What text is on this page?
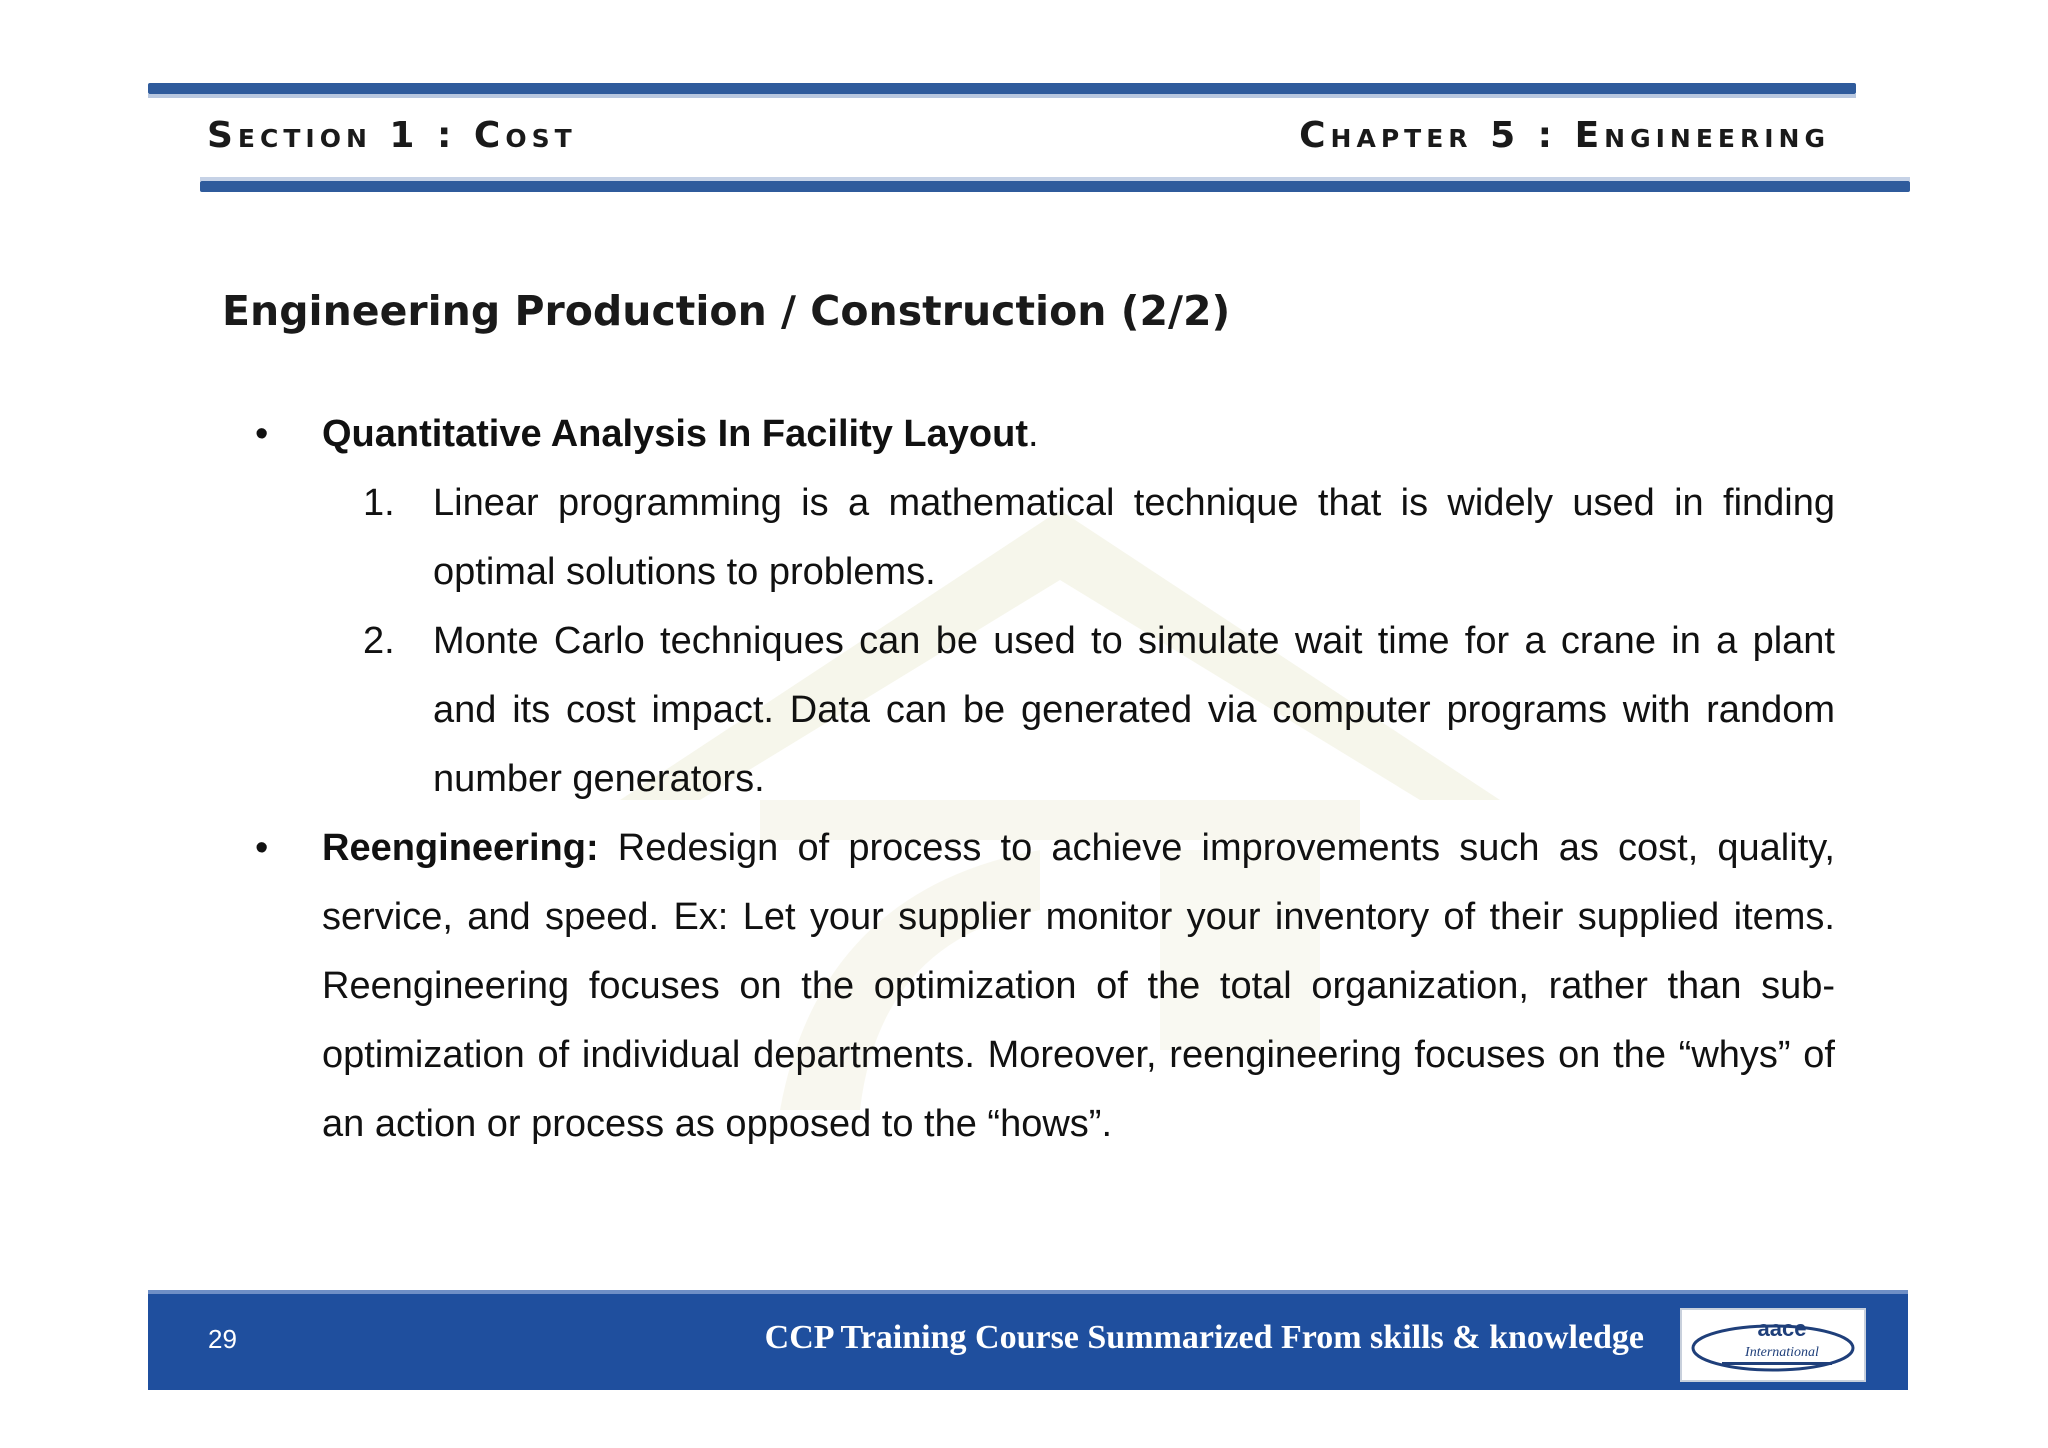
Section 1 : Cost	Chapter 5 : Engineering
Engineering Production / Construction (2/2)
•	Quantitative Analysis In Facility Layout.
1.	Linear programming is a mathematical technique that is widely used in finding optimal solutions to problems.
2.	Monte Carlo techniques can be used to simulate wait time for a crane in a plant and its cost impact. Data can be generated via computer programs with random number generators.
•	Reengineering: Redesign of process to achieve improvements such as cost, quality, service, and speed. Ex: Let your supplier monitor your inventory of their supplied items. Reengineering focuses on the optimization of the total organization, rather than sub-optimization of individual departments. Moreover, reengineering focuses on the “whys” of an action or process as opposed to the “hows”.
29	CCP Training Course Summarized From skills & knowledge	aace
International
